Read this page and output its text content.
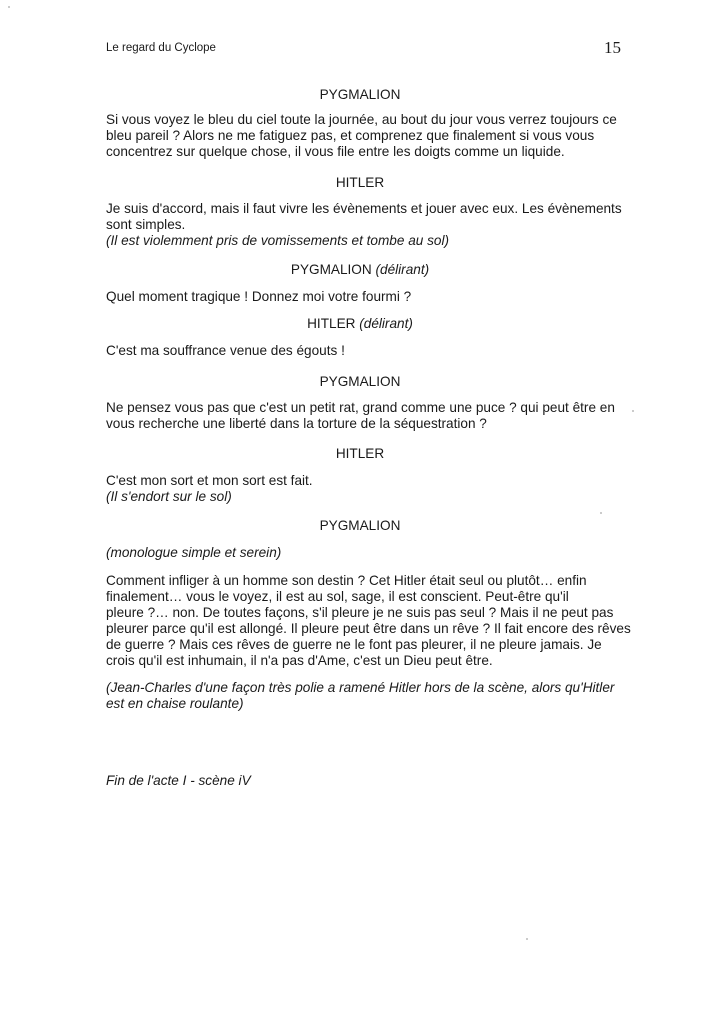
Le regard du Cyclope	15
PYGMALION
Si vous voyez le bleu du ciel toute la journée, au bout du jour vous verrez toujours ce
bleu pareil ? Alors ne me fatiguez pas, et comprenez que finalement si vous vous
concentrez sur quelque chose, il vous file entre les doigts comme un liquide.
HITLER
Je suis d'accord, mais il faut vivre les évènements et jouer avec eux. Les évènements
sont simples.
(Il est violemment pris de vomissements et tombe au sol)
PYGMALION (délirant)
Quel moment tragique ! Donnez moi votre fourmi ?
HITLER (délirant)
C'est ma souffrance venue des égouts !
PYGMALION
Ne pensez vous pas que c'est un petit rat, grand comme une puce ? qui peut être en
vous recherche une liberté dans la torture de la séquestration ?
HITLER
C'est mon sort et mon sort est fait.
(Il s'endort sur le sol)
PYGMALION
(monologue simple et serein)
Comment infliger à un homme son destin ? Cet Hitler était seul ou plutôt… enfin
finalement… vous le voyez, il est au sol, sage, il est conscient. Peut-être qu'il
pleure ?… non. De toutes façons, s'il pleure je ne suis pas seul ? Mais il ne peut pas
pleurer parce qu'il est allongé. Il pleure peut être dans un rêve ? Il fait encore des rêves
de guerre ? Mais ces rêves de guerre ne le font pas pleurer, il ne pleure jamais. Je
crois qu'il est inhumain, il n'a pas d'Ame, c'est un Dieu peut être.
(Jean-Charles d'une façon très polie a ramené Hitler hors de la scène, alors qu'Hitler
est en chaise roulante)
Fin de l'acte I - scène iV
